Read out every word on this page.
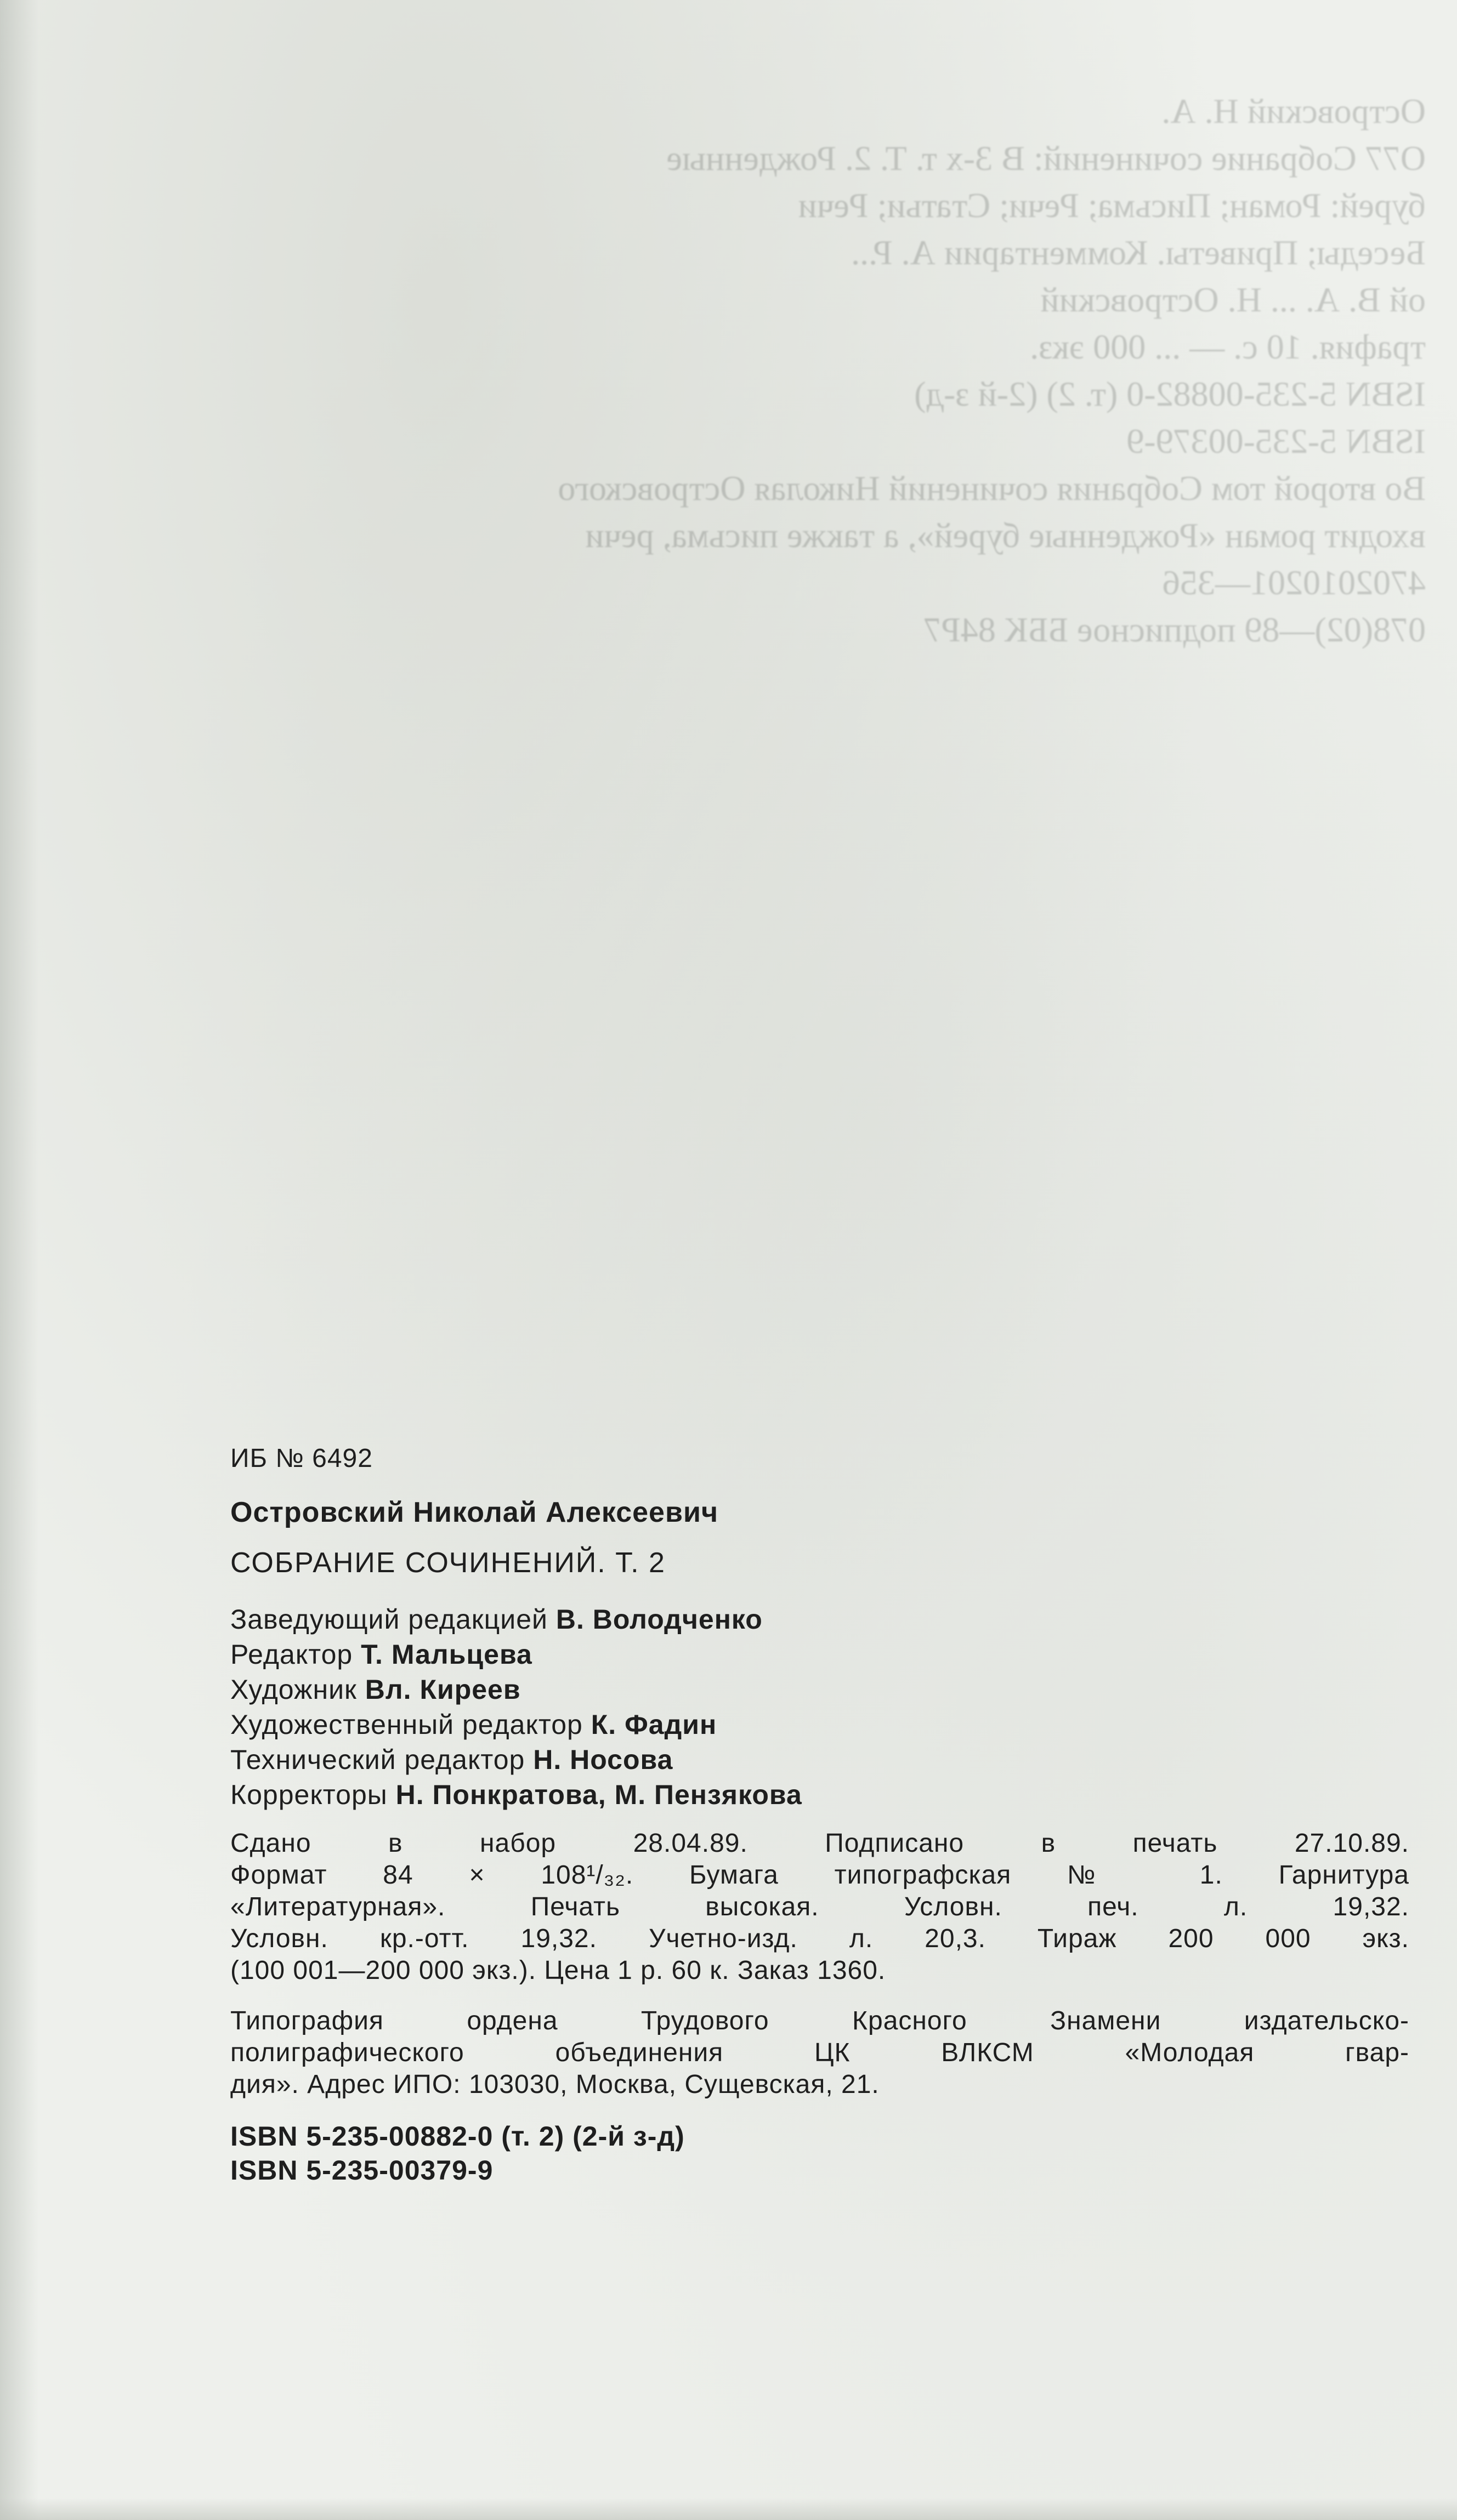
Островский Н. А.

О77 Собрание сочинений: В 3-х т. Т. 2. Рожденные

бурей: Роман; Письма; Речи; Статьи; Речи

Беседы; Приветы. Комментарии А. Р...

ой В. А. ... Н. Островский

трафия. 10 с. — ... 000 экз.

ISBN 5-235-00882-0 (т. 2) (2-й з-д)

ISBN 5-235-00379-9

Во второй том Собрания сочинений Николая Островского

входит роман «Рожденные бурей», а также письма, речи

4702010201—356

078(02)—89 подписное ББК 84Р7

ИБ № 6492

Островский Николай Алексеевич

СОБРАНИЕ СОЧИНЕНИЙ. Т. 2

Заведующий редакцией В. Володченко

Редактор Т. Мальцева

Художник Вл. Киреев

Художественный редактор К. Фадин

Технический редактор Н. Носова

Корректоры Н. Понкратова, М. Пензякова

Сдано в набор 28.04.89. Подписано в печать 27.10.89.
Формат 84 × 108¹/₃₂. Бумага типографская № 1. Гарнитура
«Литературная». Печать высокая. Условн. печ. л. 19,32.
Условн. кр.-отт. 19,32. Учетно-изд. л. 20,3. Тираж 200 000 экз.
(100 001—200 000 экз.). Цена 1 р. 60 к. Заказ 1360.
Типография ордена Трудового Красного Знамени издательско-
полиграфического объединения ЦК ВЛКСМ «Молодая гвар-
дия». Адрес ИПО: 103030, Москва, Сущевская, 21.

ISBN 5-235-00882-0 (т. 2) (2-й з-д)

ISBN 5-235-00379-9
